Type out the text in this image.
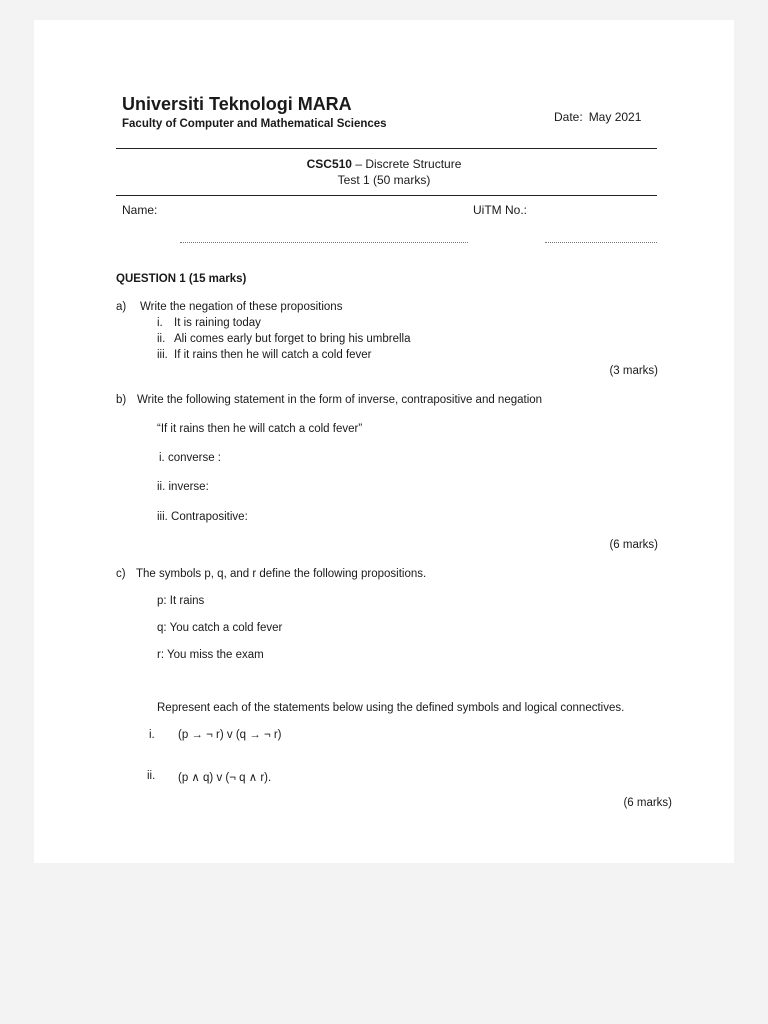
Universiti Teknologi MARA
Faculty of Computer and Mathematical Sciences	Date: May 2021
CSC510 – Discrete Structure
Test 1 (50 marks)
Name:	UiTM No.:
QUESTION 1 (15 marks)
a) Write the negation of these propositions
i. It is raining today
ii. Ali comes early but forget to bring his umbrella
iii. If it rains then he will catch a cold fever
(3 marks)
b) Write the following statement in the form of inverse, contrapositive and negation
“If it rains then he will catch a cold fever”
i. converse :
ii. inverse:
iii. Contrapositive:
(6 marks)
c) The symbols p, q, and r define the following propositions.
p: It rains
q: You catch a cold fever
r: You miss the exam
Represent each of the statements below using the defined symbols and logical connectives.
i. (p → ¬ r) v (q → ¬ r)
ii. (p ∧ q) v (¬ q ∧ r).
(6 marks)
